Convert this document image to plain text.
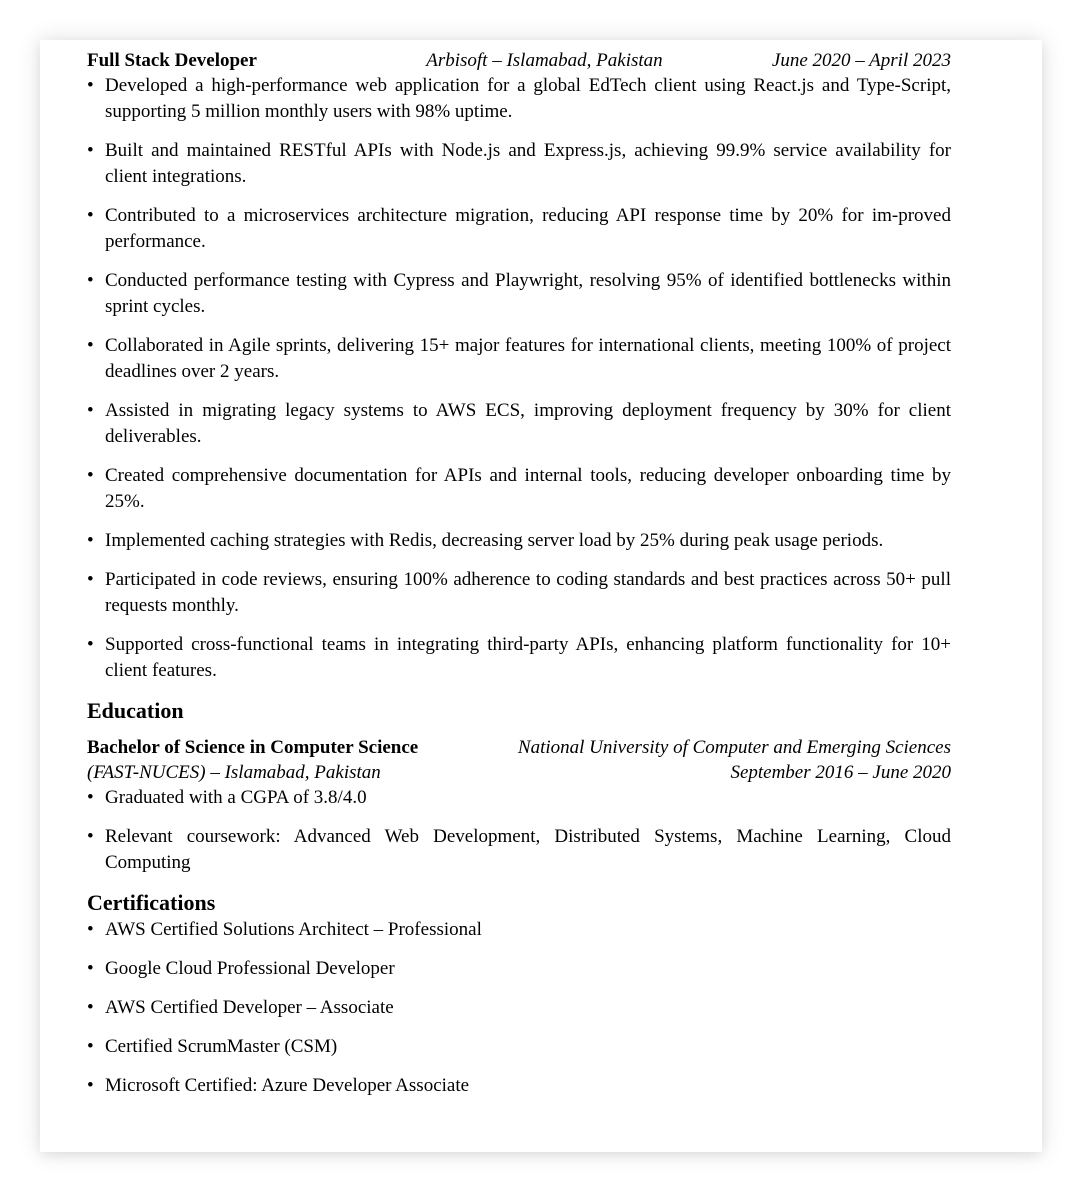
Full Stack Developer	Arbisoft – Islamabad, Pakistan	June 2020 – April 2023
• Developed a high-performance web application for a global EdTech client using React.js and Type-Script, supporting 5 million monthly users with 98% uptime.
• Built and maintained RESTful APIs with Node.js and Express.js, achieving 99.9% service availability for client integrations.
• Contributed to a microservices architecture migration, reducing API response time by 20% for im-proved performance.
• Conducted performance testing with Cypress and Playwright, resolving 95% of identified bottlenecks within sprint cycles.
• Collaborated in Agile sprints, delivering 15+ major features for international clients, meeting 100% of project deadlines over 2 years.
• Assisted in migrating legacy systems to AWS ECS, improving deployment frequency by 30% for client deliverables.
• Created comprehensive documentation for APIs and internal tools, reducing developer onboarding time by 25%.
• Implemented caching strategies with Redis, decreasing server load by 25% during peak usage periods.
• Participated in code reviews, ensuring 100% adherence to coding standards and best practices across 50+ pull requests monthly.
• Supported cross-functional teams in integrating third-party APIs, enhancing platform functionality for 10+ client features.
Education
Bachelor of Science in Computer Science	National University of Computer and Emerging Sciences
(FAST-NUCES) – Islamabad, Pakistan	September 2016 – June 2020
• Graduated with a CGPA of 3.8/4.0
• Relevant coursework: Advanced Web Development, Distributed Systems, Machine Learning, Cloud Computing
Certifications
• AWS Certified Solutions Architect – Professional
• Google Cloud Professional Developer
• AWS Certified Developer – Associate
• Certified ScrumMaster (CSM)
• Microsoft Certified: Azure Developer Associate
